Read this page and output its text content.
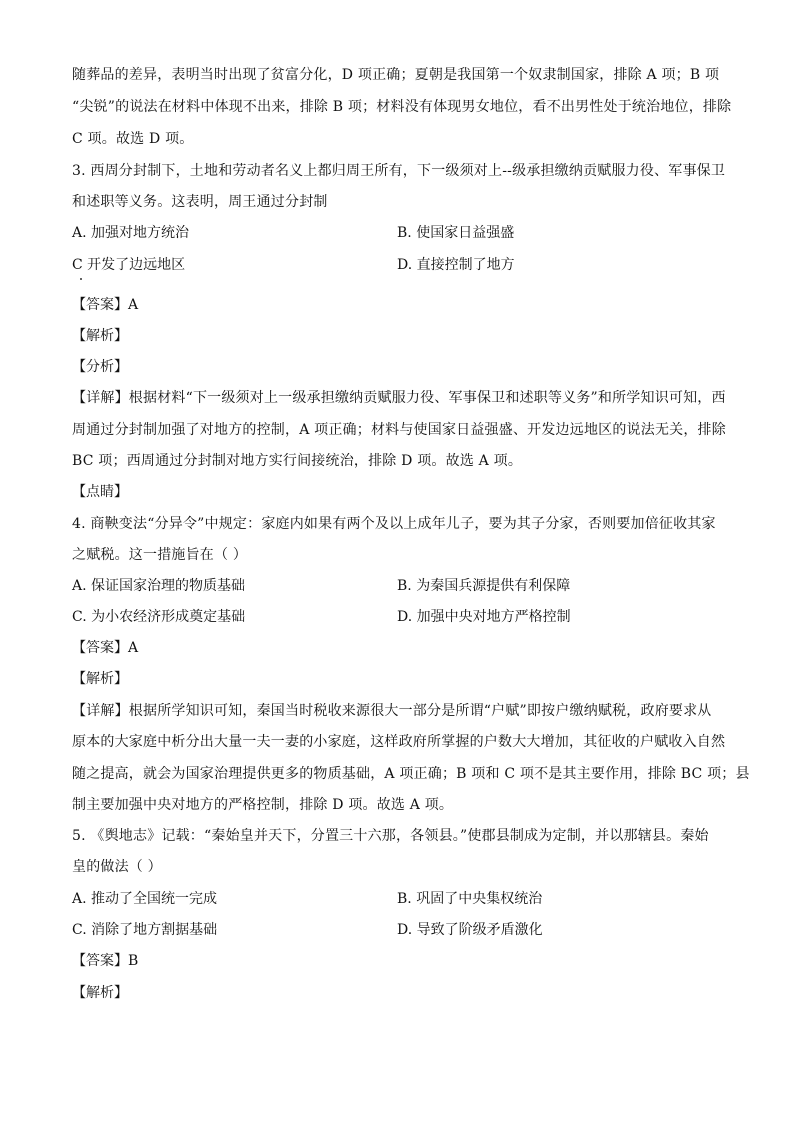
随葬品的差异，表明当时出现了贫富分化，D 项正确；夏朝是我国第一个奴隶制国家，排除 A 项；B 项
“尖锐”的说法在材料中体现不出来，排除 B 项；材料没有体现男女地位，看不出男性处于统治地位，排除
C 项。故选 D 项。
3. 西周分封制下，土地和劳动者名义上都归周王所有，下一级须对上--级承担缴纳贡赋服力役、军事保卫
和述职等义务。这表明，周王通过分封制
A. 加强对地方统治	B. 使国家日益强盛
C 开发了边远地区	D. 直接控制了地方
【答案】A
【解析】
【分析】
【详解】根据材料“下一级须对上一级承担缴纳贡赋服力役、军事保卫和述职等义务”和所学知识可知，西
周通过分封制加强了对地方的控制，A 项正确；材料与使国家日益强盛、开发边远地区的说法无关，排除
BC 项；西周通过分封制对地方实行间接统治，排除 D 项。故选 A 项。
【点睛】
4. 商鞅变法“分异令”中规定：家庭内如果有两个及以上成年儿子，要为其子分家，否则要加倍征收其家
之赋税。这一措施旨在（ ）
A. 保证国家治理的物质基础	B. 为秦国兵源提供有利保障
C. 为小农经济形成奠定基础	D. 加强中央对地方严格控制
【答案】A
【解析】
【详解】根据所学知识可知，秦国当时税收来源很大一部分是所谓“户赋”即按户缴纳赋税，政府要求从
原本的大家庭中析分出大量一夫一妻的小家庭，这样政府所掌握的户数大大增加，其征收的户赋收入自然
随之提高，就会为国家治理提供更多的物质基础，A 项正确；B 项和 C 项不是其主要作用，排除 BC 项；县
制主要加强中央对地方的严格控制，排除 D 项。故选 A 项。
5. 《舆地志》记载：“秦始皇并天下，分置三十六那，各领县。”使郡县制成为定制，并以那辖县。秦始
皇的做法（ ）
A. 推动了全国统一完成	B. 巩固了中央集权统治
C. 消除了地方割据基础	D. 导致了阶级矛盾激化
【答案】B
【解析】
